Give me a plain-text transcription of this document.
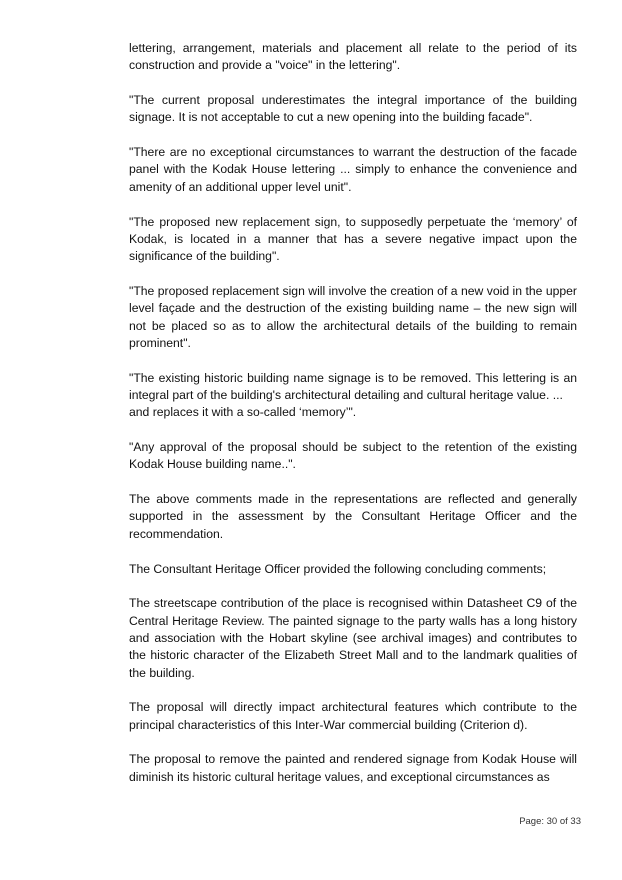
lettering, arrangement, materials and placement all relate to the period of its construction and provide a "voice" in the lettering".

"The current proposal underestimates the integral importance of the building signage. It is not acceptable to cut a new opening into the building facade".

"There are no exceptional circumstances to warrant the destruction of the facade panel with the Kodak House lettering ... simply to enhance the convenience and amenity of an additional upper level unit".

"The proposed new replacement sign, to supposedly perpetuate the ‘memory’ of Kodak, is located in a manner that has a severe negative impact upon the significance of the building".

"The proposed replacement sign will involve the creation of a new void in the upper level façade and the destruction of the existing building name – the new sign will not be placed so as to allow the architectural details of the building to remain prominent".

"The existing historic building name signage is to be removed. This lettering is an integral part of the building's architectural detailing and cultural heritage value. ...
and replaces it with a so-called ‘memory’".

"Any approval of the proposal should be subject to the retention of the existing Kodak House building name..".

The above comments made in the representations are reflected and generally supported in the assessment by the Consultant Heritage Officer and the recommendation.

The Consultant Heritage Officer provided the following concluding comments;

The streetscape contribution of the place is recognised within Datasheet C9 of the Central Heritage Review. The painted signage to the party walls has a long history and association with the Hobart skyline (see archival images) and contributes to the historic character of the Elizabeth Street Mall and to the landmark qualities of the building.

The proposal will directly impact architectural features which contribute to the principal characteristics of this Inter-War commercial building (Criterion d).

The proposal to remove the painted and rendered signage from Kodak House will diminish its historic cultural heritage values, and exceptional circumstances as

Page: 30 of 33
